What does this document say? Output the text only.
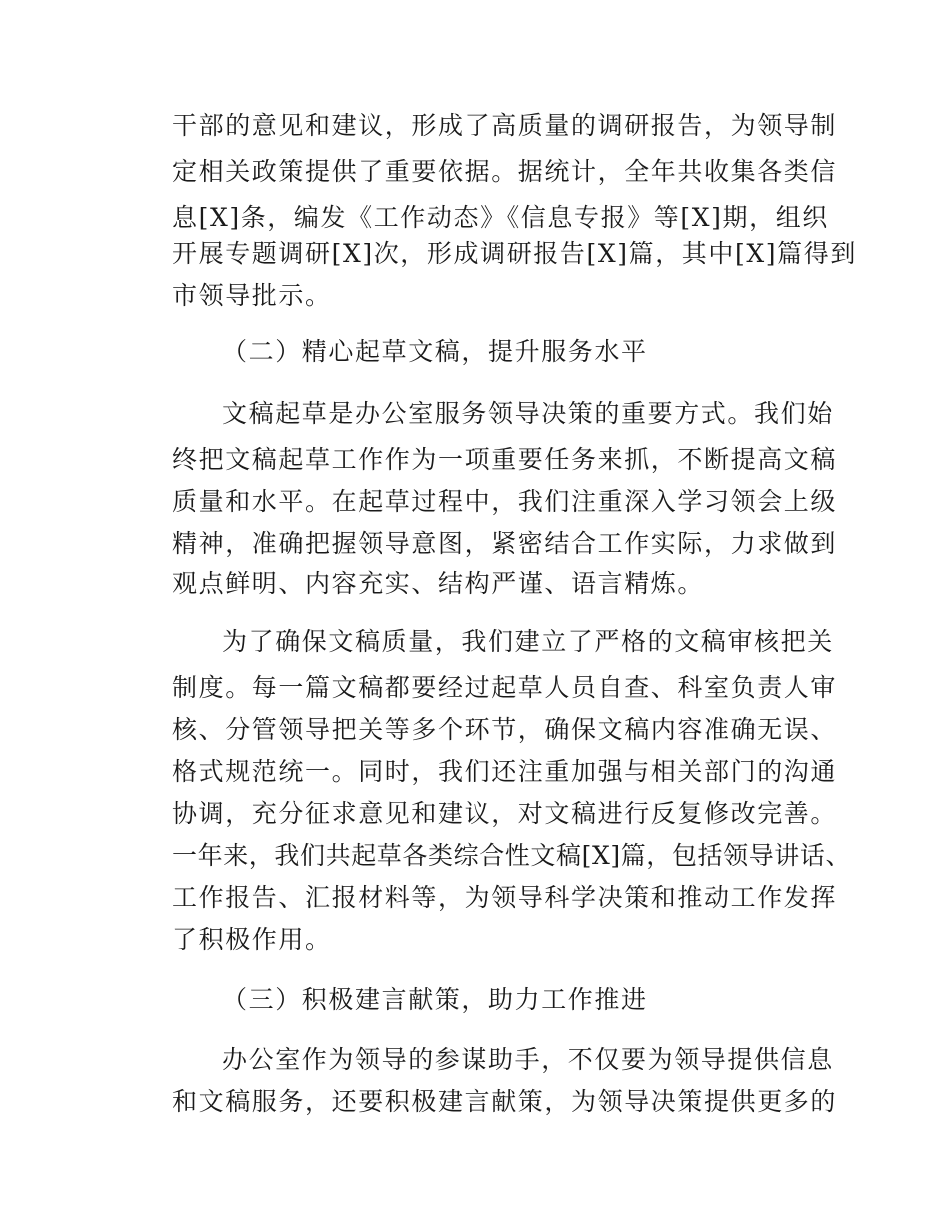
干部的意见和建议，形成了高质量的调研报告，为领导制
定相关政策提供了重要依据。据统计，全年共收集各类信
息[X]条，编发《工作动态》《信息专报》等[X]期，组织
开展专题调研[X]次，形成调研报告[X]篇，其中[X]篇得到
市领导批示。
（二）精心起草文稿，提升服务水平
文稿起草是办公室服务领导决策的重要方式。我们始
终把文稿起草工作作为一项重要任务来抓，不断提高文稿
质量和水平。在起草过程中，我们注重深入学习领会上级
精神，准确把握领导意图，紧密结合工作实际，力求做到
观点鲜明、内容充实、结构严谨、语言精炼。
为了确保文稿质量，我们建立了严格的文稿审核把关
制度。每一篇文稿都要经过起草人员自查、科室负责人审
核、分管领导把关等多个环节，确保文稿内容准确无误、
格式规范统一。同时，我们还注重加强与相关部门的沟通
协调，充分征求意见和建议，对文稿进行反复修改完善。
一年来，我们共起草各类综合性文稿[X]篇，包括领导讲话、
工作报告、汇报材料等，为领导科学决策和推动工作发挥
了积极作用。
（三）积极建言献策，助力工作推进
办公室作为领导的参谋助手，不仅要为领导提供信息
和文稿服务，还要积极建言献策，为领导决策提供更多的
